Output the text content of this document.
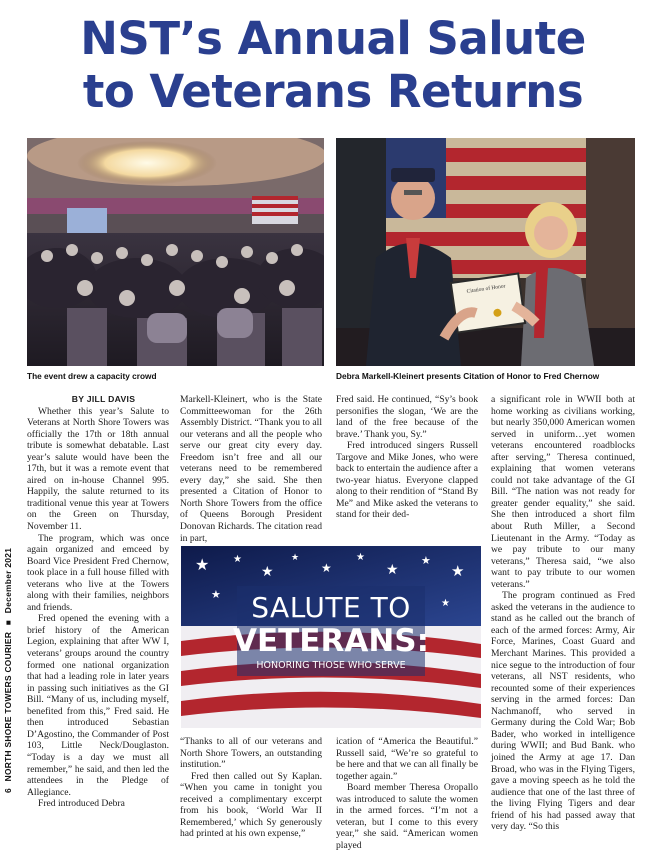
NST’s Annual Salute
to Veterans Returns
Citation of Honor
The event drew a capacity crowd	Debra Markell-Kleinert presents Citation of Honor to Fred Chernow
6 NORTH SHORE TOWERS COURIER ■ December 2021

BY JILL DAVIS

Whether this year’s Salute to Veterans at North Shore Towers was officially the 17th or 18th annual tribute is somewhat debatable. Last year’s salute would have been the 17th, but it was a remote event that aired on in-house Channel 995. Happily, the salute returned to its traditional venue this year at Towers on the Green on Thursday, November 11.

The program, which was once again organized and emceed by Board Vice President Fred Chernow, took place in a full house filled with veterans who live at the Towers along with their families, neighbors and friends.

Fred opened the evening with a brief history of the American Legion, explaining that after WW I, veterans’ groups around the country formed one national organization that had a leading role in later years in passing such initiatives as the GI Bill. “Many of us, including myself, benefited from this,” Fred said. He then introduced Sebastian D’Agostino, the Commander of Post 103, Little Neck/Douglaston. “Today is a day we must all remember,” he said, and then led the attendees in the Pledge of Allegiance.

Fred introduced Debra

Markell-Kleinert, who is the State Committeewoman for the 26th Assembly District. “Thank you to all our veterans and all the people who serve our great city every day. Freedom isn’t free and all our veterans need to be remembered every day,” she said. She then presented a Citation of Honor to North Shore Towers from the office of Queens Borough President Donovan Richards. The citation read in part,

Fred said. He continued, “Sy’s book personifies the slogan, ‘We are the land of the free because of the brave.’ Thank you, Sy.”

Fred introduced singers Russell Targove and Mike Jones, who were back to entertain the audience after a two-year hiatus. Everyone clapped along to their rendition of “Stand By Me” and Mike asked the veterans to stand for their ded-

★ ★
★
★
★
★
★
★
★
★
★
SALUTE TO
VETERANS:
HONORING THOSE WHO SERVE

“Thanks to all of our veterans and North Shore Towers, an outstanding institution.”

Fred then called out Sy Kaplan. “When you came in tonight you received a complimentary excerpt from his book, ‘World War II Remembered,’ which Sy generously had printed at his own expense,”

ication of “America the Beautiful.” Russell said, “We’re so grateful to be here and that we can all finally be together again.”

Board member Theresa Oropallo was introduced to salute the women in the armed forces. “I’m not a veteran, but I come to this every year,” she said. “American women played

a significant role in WWII both at home working as civilians working, but nearly 350,000 American women served in uniform…yet women veterans encountered roadblocks after serving,” Theresa continued, explaining that women veterans could not take advantage of the GI Bill. “The nation was not ready for greater gender equality,” she said. She then introduced a short film about Ruth Miller, a Second Lieutenant in the Army. “Today as we pay tribute to our many veterans,” Theresa said, “we also want to pay tribute to our women veterans.”

The program continued as Fred asked the veterans in the audience to stand as he called out the branch of each of the armed forces: Army, Air Force, Marines, Coast Guard and Merchant Marines. This provided a nice segue to the introduction of four veterans, all NST residents, who recounted some of their experiences serving in the armed forces: Dan Nachmanoff, who served in Germany during the Cold War; Bob Bader, who worked in intelligence during WWII; and Bud Bank. who joined the Army at age 17. Dan Broad, who was in the Flying Tigers, gave a moving speech as he told the audience that one of the last three of the living Flying Tigers and dear friend of his had passed away that very day. “So this
